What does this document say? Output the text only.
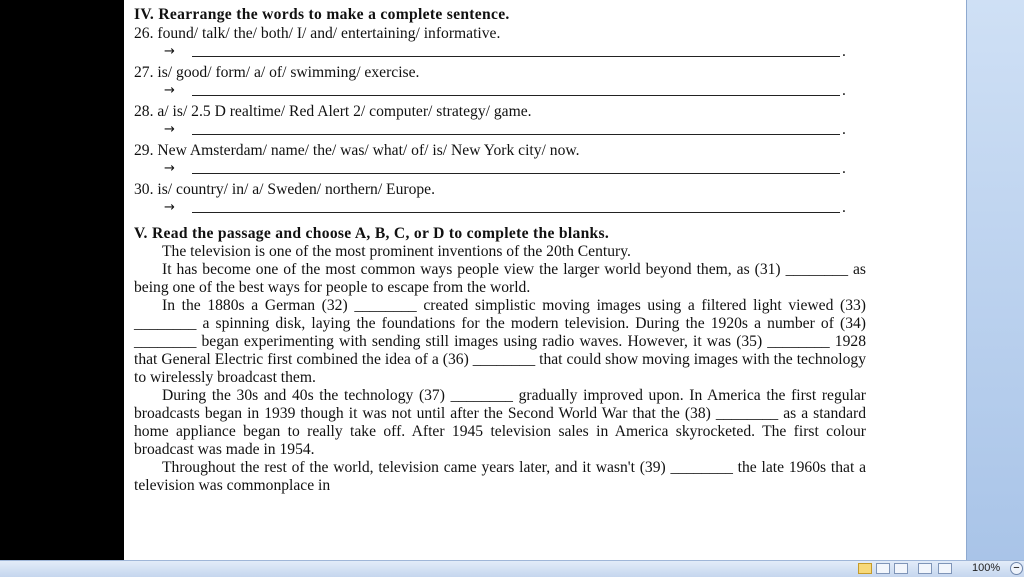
IV. Rearrange the words to make a complete sentence.
26. found/ talk/ the/ both/ I/ and/ entertaining/ informative.
→	.
27. is/ good/ form/ a/ of/ swimming/ exercise.
→	.
28. a/ is/ 2.5 D realtime/ Red Alert 2/ computer/ strategy/ game.
→	.
29. New Amsterdam/ name/ the/ was/ what/ of/ is/ New York city/ now.
→	.
30. is/ country/ in/ a/ Sweden/ northern/ Europe.
→	.
V. Read the passage and choose A, B, C, or D to complete the blanks.

The television is one of the most prominent inventions of the 20th Century.

It has become one of the most common ways people view the larger world beyond them, as (31) ________ as being one of the best ways for people to escape from the world.

In the 1880s a German (32) ________ created simplistic moving images using a filtered light viewed (33) ________ a spinning disk, laying the foundations for the modern television. During the 1920s a number of (34) ________ began experimenting with sending still images using radio waves. However, it was (35) ________ 1928 that General Electric first combined the idea of a (36) ________ that could show moving images with the technology to wirelessly broadcast them.

During the 30s and 40s the technology (37) ________ gradually improved upon. In America the first regular broadcasts began in 1939 though it was not until after the Second World War that the (38) ________ as a standard home appliance began to really take off. After 1945 television sales in America skyrocketed. The first colour broadcast was made in 1954.

Throughout the rest of the world, television came years later, and it wasn't (39) ________ the late 1960s that a television was commonplace in

100% −
